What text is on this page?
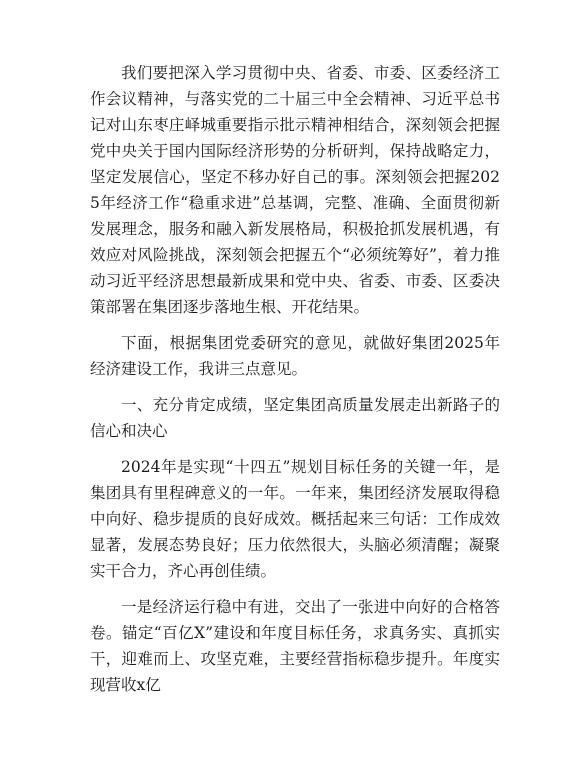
我们要把深入学习贯彻中央、省委、市委、区委经济工作会议精神，与落实党的二十届三中全会精神、习近平总书记对山东枣庄峄城重要指示批示精神相结合，深刻领会把握党中央关于国内国际经济形势的分析研判，保持战略定力，坚定发展信心，坚定不移办好自己的事。深刻领会把握2025年经济工作“稳重求进”总基调，完整、准确、全面贯彻新发展理念，服务和融入新发展格局，积极抢抓发展机遇，有效应对风险挑战，深刻领会把握五个“必须统筹好”，着力推动习近平经济思想最新成果和党中央、省委、市委、区委决策部署在集团逐步落地生根、开花结果。

下面，根据集团党委研究的意见，就做好集团2025年经济建设工作，我讲三点意见。

一、充分肯定成绩，坚定集团高质量发展走出新路子的信心和决心

2024年是实现“十四五”规划目标任务的关键一年，是集团具有里程碑意义的一年。一年来，集团经济发展取得稳中向好、稳步提质的良好成效。概括起来三句话：工作成效显著，发展态势良好；压力依然很大，头脑必须清醒；凝聚实干合力，齐心再创佳绩。

一是经济运行稳中有进，交出了一张进中向好的合格答卷。锚定“百亿X”建设和年度目标任务，求真务实、真抓实干，迎难而上、攻坚克难，主要经营指标稳步提升。年度实现营收x亿
